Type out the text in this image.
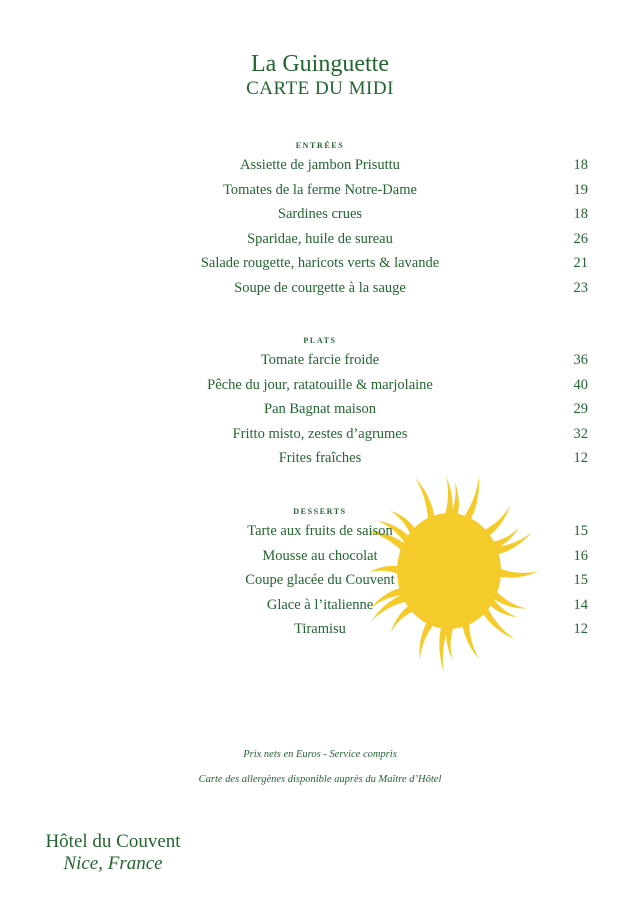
La Guinguette
CARTE DU MIDI
ENTRÉES
Assiette de jambon Prisuttu	18
Tomates de la ferme Notre-Dame	19
Sardines crues	18
Sparidae, huile de sureau	26
Salade rougette, haricots verts & lavande	21
Soupe de courgette à la sauge	23
PLATS
Tomate farcie froide	36
Pêche du jour, ratatouille & marjolaine	40
Pan Bagnat maison	29
Fritto misto, zestes d’agrumes	32
Frites fraîches	12
DESSERTS
Tarte aux fruits de saison	15
Mousse au chocolat	16
Coupe glacée du Couvent	15
Glace à l’italienne	14
Tiramisu	12

Prix nets en Euros - Service compris

Carte des allergènes disponible auprès du Maître d’Hôtel

Hôtel du Couvent

Nice, France
